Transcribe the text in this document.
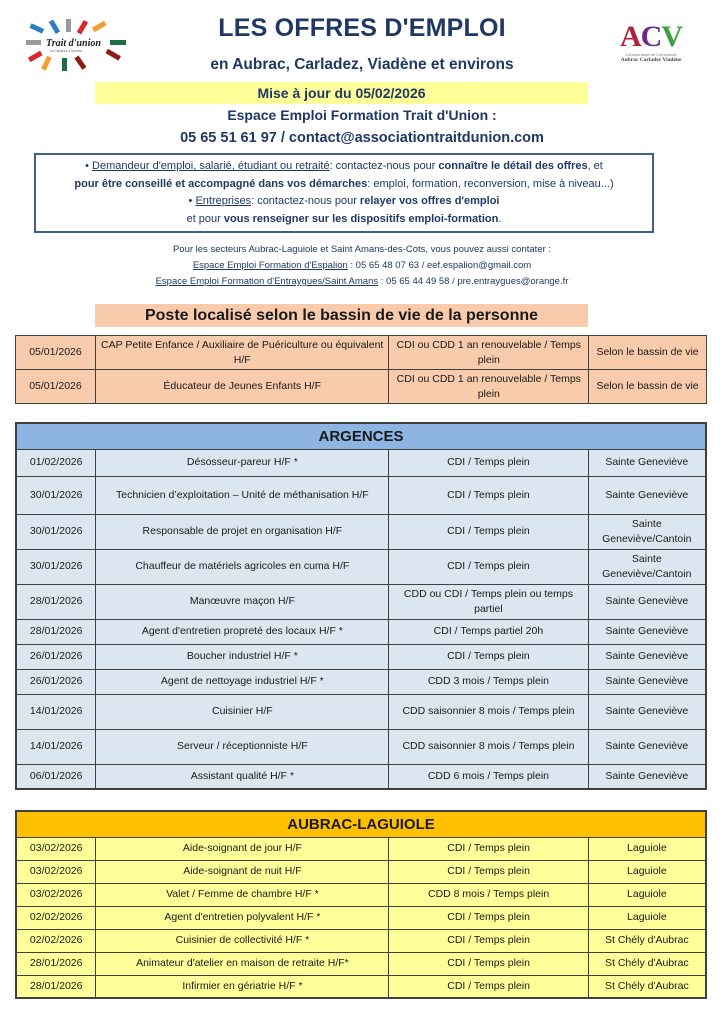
Trait d'union
du Carladez à l'Aubrac	ACV
Communauté de Communes
Aubrac Carladez Viadène
LES OFFRES D'EMPLOI
en Aubrac, Carladez, Viadène et environs
Mise à jour du 05/02/2026
Espace Emploi Formation Trait d'Union :
05 65 51 61 97 / contact@associationtraitdunion.com
• Demandeur d'emploi, salarié, étudiant ou retraité: contactez-nous pour connaître le détail des offres, et
pour être conseillé et accompagné dans vos démarches: emploi, formation, reconversion, mise à niveau...)
• Entreprises: contactez-nous pour relayer vos offres d'emploi
et pour vous renseigner sur les dispositifs emploi-formation.
Pour les secteurs Aubrac-Laguiole et Saint Amans-des-Cots, vous pouvez aussi contater :
Espace Emploi Formation d'Espalion : 05 65 48 07 63 / eef.espalion@gmail.com
Espace Emploi Formation d'Entraygues/Saint Amans : 05 65 44 49 58 / pre.entraygues@orange.fr
Poste localisé selon le bassin de vie de la personne
05/01/2026	CAP Petite Enfance / Auxiliaire de Puériculture ou équivalent H/F	CDI ou CDD 1 an renouvelable / Temps plein	Selon le bassin de vie
05/01/2026	Éducateur de Jeunes Enfants H/F	CDI ou CDD 1 an renouvelable / Temps plein	Selon le bassin de vie
ARGENCES			
01/02/2026	Désosseur-pareur H/F *	CDI / Temps plein	Sainte Geneviève
30/01/2026	Technicien d’exploitation – Unité de méthanisation H/F	CDI / Temps plein	Sainte Geneviève
30/01/2026	Responsable de projet en organisation H/F	CDI / Temps plein	Sainte Geneviève/Cantoin
30/01/2026	Chauffeur de matériels agricoles en cuma H/F	CDI / Temps plein	Sainte Geneviève/Cantoin
28/01/2026	Manœuvre maçon H/F	CDD ou CDI / Temps plein ou temps partiel	Sainte Geneviève
28/01/2026	Agent d'entretien propreté des locaux H/F *	CDI / Temps partiel 20h	Sainte Geneviève
26/01/2026	Boucher industriel H/F *	CDI / Temps plein	Sainte Geneviève
26/01/2026	Agent de nettoyage industriel H/F *	CDD 3 mois / Temps plein	Sainte Geneviève
14/01/2026	Cuisinier H/F	CDD saisonnier 8 mois / Temps plein	Sainte Geneviève
14/01/2026	Serveur / réceptionniste H/F	CDD saisonnier 8 mois / Temps plein	Sainte Geneviève
06/01/2026	Assistant qualité H/F *	CDD 6 mois / Temps plein	Sainte Geneviève
AUBRAC-LAGUIOLE			
03/02/2026	Aide-soignant de jour H/F	CDI / Temps plein	Laguiole
03/02/2026	Aide-soignant de nuit H/F	CDI / Temps plein	Laguiole
03/02/2026	Valet / Femme de chambre H/F *	CDD 8 mois / Temps plein	Laguiole
02/02/2026	Agent d'entretien polyvalent H/F *	CDI / Temps plein	Laguiole
02/02/2026	Cuisinier de collectivité H/F *	CDI / Temps plein	St Chély d'Aubrac
28/01/2026	Animateur d'atelier en maison de retraite H/F*	CDI / Temps plein	St Chély d'Aubrac
28/01/2026	Infirmier en gériatrie H/F *	CDI / Temps plein	St Chély d'Aubrac
